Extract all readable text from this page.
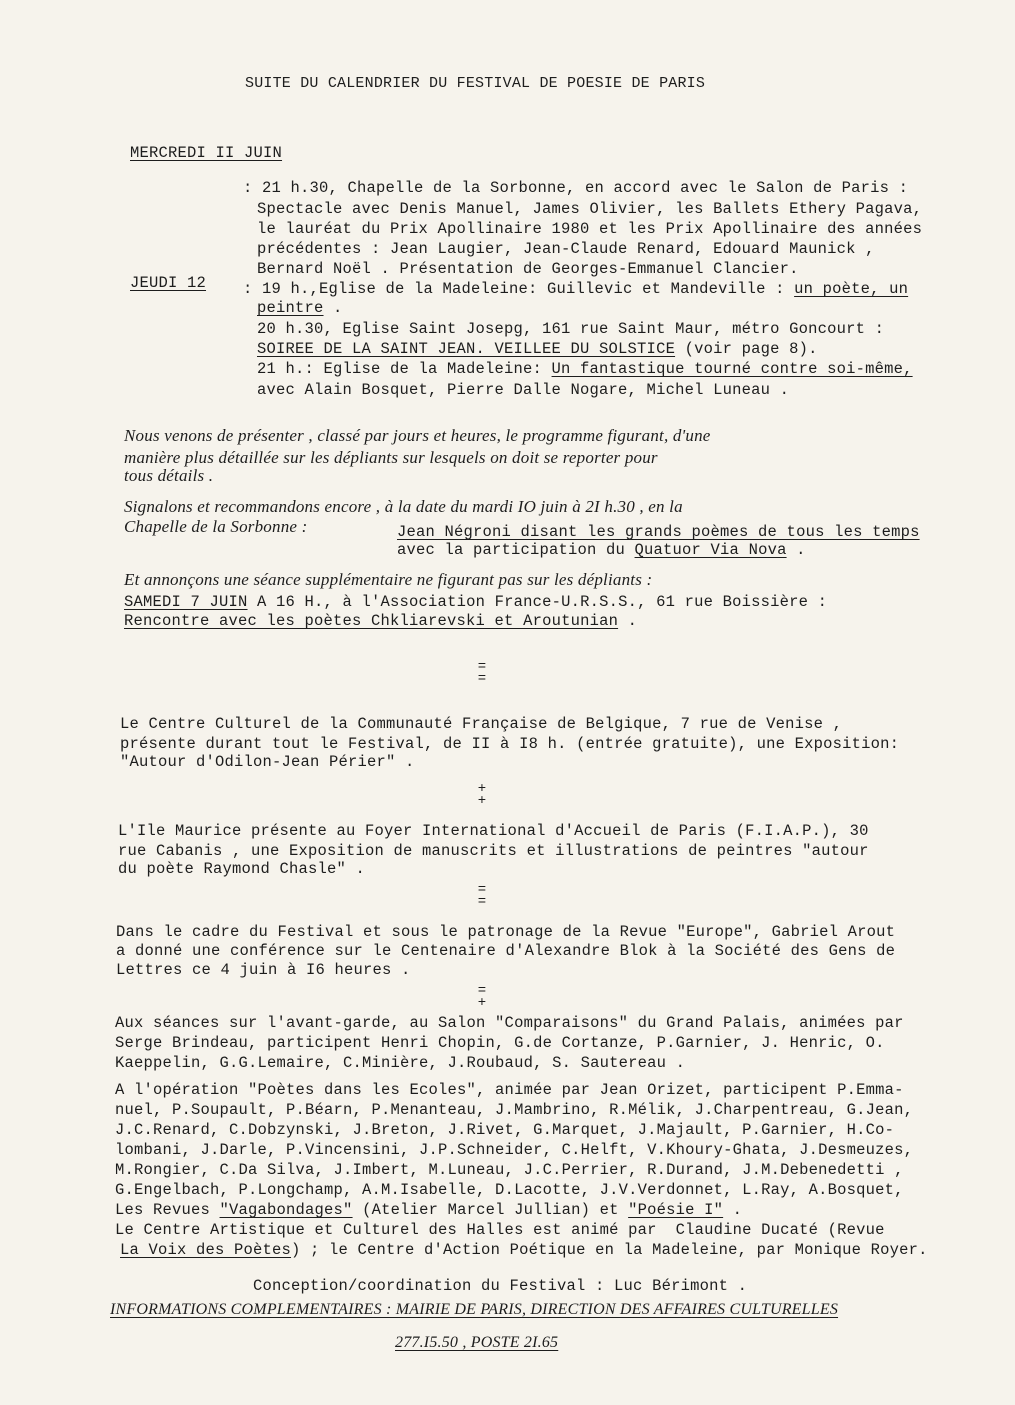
SUITE DU CALENDRIER DU FESTIVAL DE POESIE DE PARIS
MERCREDI II JUIN
: 21 h.30, Chapelle de la Sorbonne, en accord avec le Salon de Paris :
Spectacle avec Denis Manuel, James Olivier, les Ballets Ethery Pagava,
le lauréat du Prix Apollinaire 1980 et les Prix Apollinaire des années
précédentes : Jean Laugier, Jean-Claude Renard, Edouard Maunick ,
Bernard Noël . Présentation de Georges-Emmanuel Clancier.
JEUDI 12 : 19 h.,Eglise de la Madeleine: Guillevic et Mandeville : un poète, un
peintre .
20 h.30, Eglise Saint Josepg, 161 rue Saint Maur, métro Goncourt :
SOIREE DE LA SAINT JEAN. VEILLEE DU SOLSTICE (voir page 8).
21 h.: Eglise de la Madeleine: Un fantastique tourné contre soi-même,
avec Alain Bosquet, Pierre Dalle Nogare, Michel Luneau .
Nous venons de présenter , classé par jours et heures, le programme figurant, d'une
manière plus détaillée sur les dépliants sur lesquels on doit se reporter pour
tous détails .
Signalons et recommandons encore , à la date du mardi IO juin à 2I h.30 , en la
Chapelle de la Sorbonne :	Jean Négroni disant les grands poèmes de tous les temps
avec la participation du Quatuor Via Nova .
Et annonçons une séance supplémentaire ne figurant pas sur les dépliants :
SAMEDI 7 JUIN A 16 H., à l'Association France-U.R.S.S., 61 rue Boissière :
Rencontre avec les poètes Chkliarevski et Aroutunian .
=
=
Le Centre Culturel de la Communauté Française de Belgique, 7 rue de Venise ,
présente durant tout le Festival, de II à I8 h. (entrée gratuite), une Exposition:
"Autour d'Odilon-Jean Périer" .
+
+
L'Ile Maurice présente au Foyer International d'Accueil de Paris (F.I.A.P.), 30
rue Cabanis , une Exposition de manuscrits et illustrations de peintres "autour
du poète Raymond Chasle" .
=
=
Dans le cadre du Festival et sous le patronage de la Revue "Europe", Gabriel Arout
a donné une conférence sur le Centenaire d'Alexandre Blok à la Société des Gens de
Lettres ce 4 juin à I6 heures .
=
+
Aux séances sur l'avant-garde, au Salon "Comparaisons" du Grand Palais, animées par
Serge Brindeau, participent Henri Chopin, G.de Cortanze, P.Garnier, J. Henric, O.
Kaeppelin, G.G.Lemaire, C.Minière, J.Roubaud, S. Sautereau .
A l'opération "Poètes dans les Ecoles", animée par Jean Orizet, participent P.Emma-
nuel, P.Soupault, P.Béarn, P.Menanteau, J.Mambrino, R.Mélik, J.Charpentreau, G.Jean,
J.C.Renard, C.Dobzynski, J.Breton, J.Rivet, G.Marquet, J.Majault, P.Garnier, H.Co-
lombani, J.Darle, P.Vincensini, J.P.Schneider, C.Helft, V.Khoury-Ghata, J.Desmeuzes,
M.Rongier, C.Da Silva, J.Imbert, M.Luneau, J.C.Perrier, R.Durand, J.M.Debenedetti ,
G.Engelbach, P.Longchamp, A.M.Isabelle, D.Lacotte, J.V.Verdonnet, L.Ray, A.Bosquet,
Les Revues "Vagabondages" (Atelier Marcel Jullian) et "Poésie I" .
Le Centre Artistique et Culturel des Halles est animé par  Claudine Ducaté (Revue
La Voix des Poètes) ; le Centre d'Action Poétique en la Madeleine, par Monique Royer.
Conception/coordination du Festival : Luc Bérimont .
INFORMATIONS COMPLEMENTAIRES : MAIRIE DE PARIS, DIRECTION DES AFFAIRES CULTURELLES
277.I5.50 , POSTE 2I.65
